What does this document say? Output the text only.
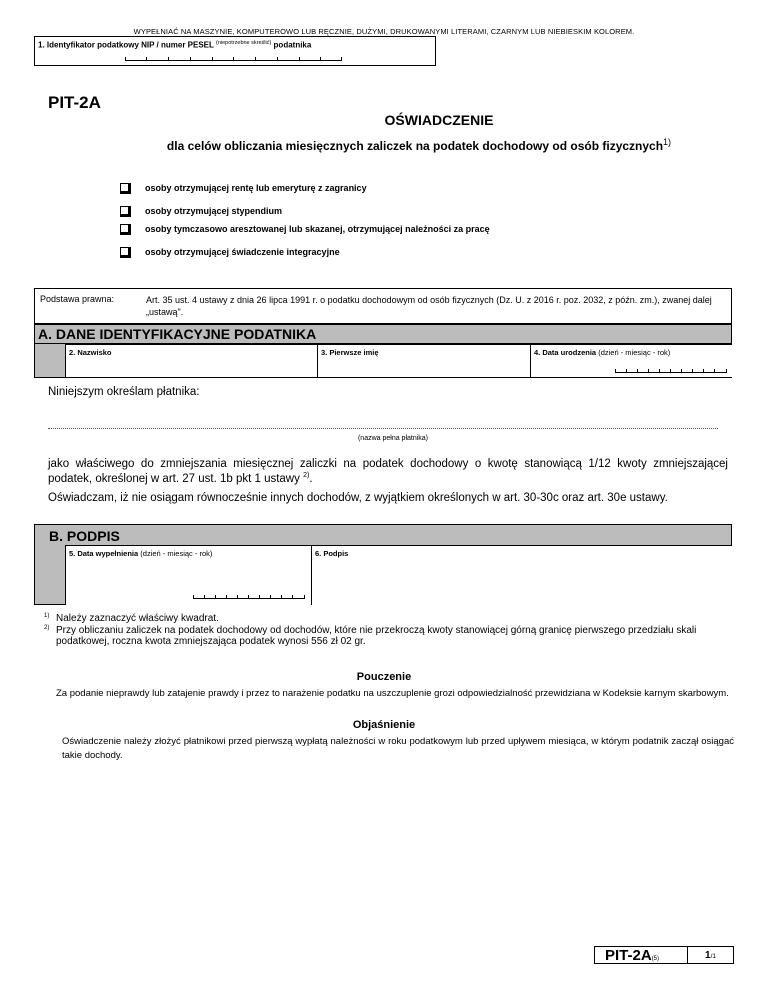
WYPEŁNIAĆ NA MASZYNIE, KOMPUTEROWO LUB RĘCZNIE, DUŻYMI, DRUKOWANYMI LITERAMI, CZARNYM LUB NIEBIESKIM KOLOREM.
1. Identyfikator podatkowy NIP / numer PESEL $^{(niepotrzebne skreślić)}$ podatnika
PIT-2A
OŚWIADCZENIE
dla celów obliczania miesięcznych zaliczek na podatek dochodowy od osób fizycznych$^{1)}$
osoby otrzymującej rentę lub emeryturę z zagranicy
osoby otrzymującej stypendium
osoby tymczasowo aresztowanej lub skazanej, otrzymującej należności za pracę
osoby otrzymującej świadczenie integracyjne
Podstawa prawna:	Art. 35 ust. 4 ustawy z dnia 26 lipca 1991 r. o podatku dochodowym od osób fizycznych (Dz. U. z 2016 r. poz. 2032, z późn. zm.), zwanej dalej „ustawą".
A. DANE IDENTYFIKACYJNE PODATNIKA
2. Nazwisko	3. Pierwsze imię	4. Data urodzenia (dzień - miesiąc - rok)
Niniejszym określam płatnika:
(nazwa pełna płatnika)
jako właściwego do zmniejszania miesięcznej zaliczki na podatek dochodowy o kwotę stanowiącą 1/12 kwoty zmniejszającej podatek, określonej w art. 27 ust. 1b pkt 1 ustawy $^{2)}$.
Oświadczam, iż nie osiągam równocześnie innych dochodów, z wyjątkiem określonych w art. 30-30c oraz art. 30e ustawy.
B. PODPIS
5. Data wypełnienia (dzień - miesiąc - rok)	6. Podpis
1) Należy zaznaczyć właściwy kwadrat.
2) Przy obliczaniu zaliczek na podatek dochodowy od dochodów, które nie przekroczą kwoty stanowiącej górną granicę pierwszego przedziału skali podatkowej, roczna kwota zmniejszająca podatek wynosi 556 zł 02 gr.
Pouczenie
Za podanie nieprawdy lub zatajenie prawdy i przez to narażenie podatku na uszczuplenie grozi odpowiedzialność przewidziana w Kodeksie karnym skarbowym.
Objaśnienie
Oświadczenie należy złożyć płatnikowi przed pierwszą wypłatą należności w roku podatkowym lub przed upływem miesiąca, w którym podatnik zaczął osiągać takie dochody.
PIT-2A(5)	1/1
